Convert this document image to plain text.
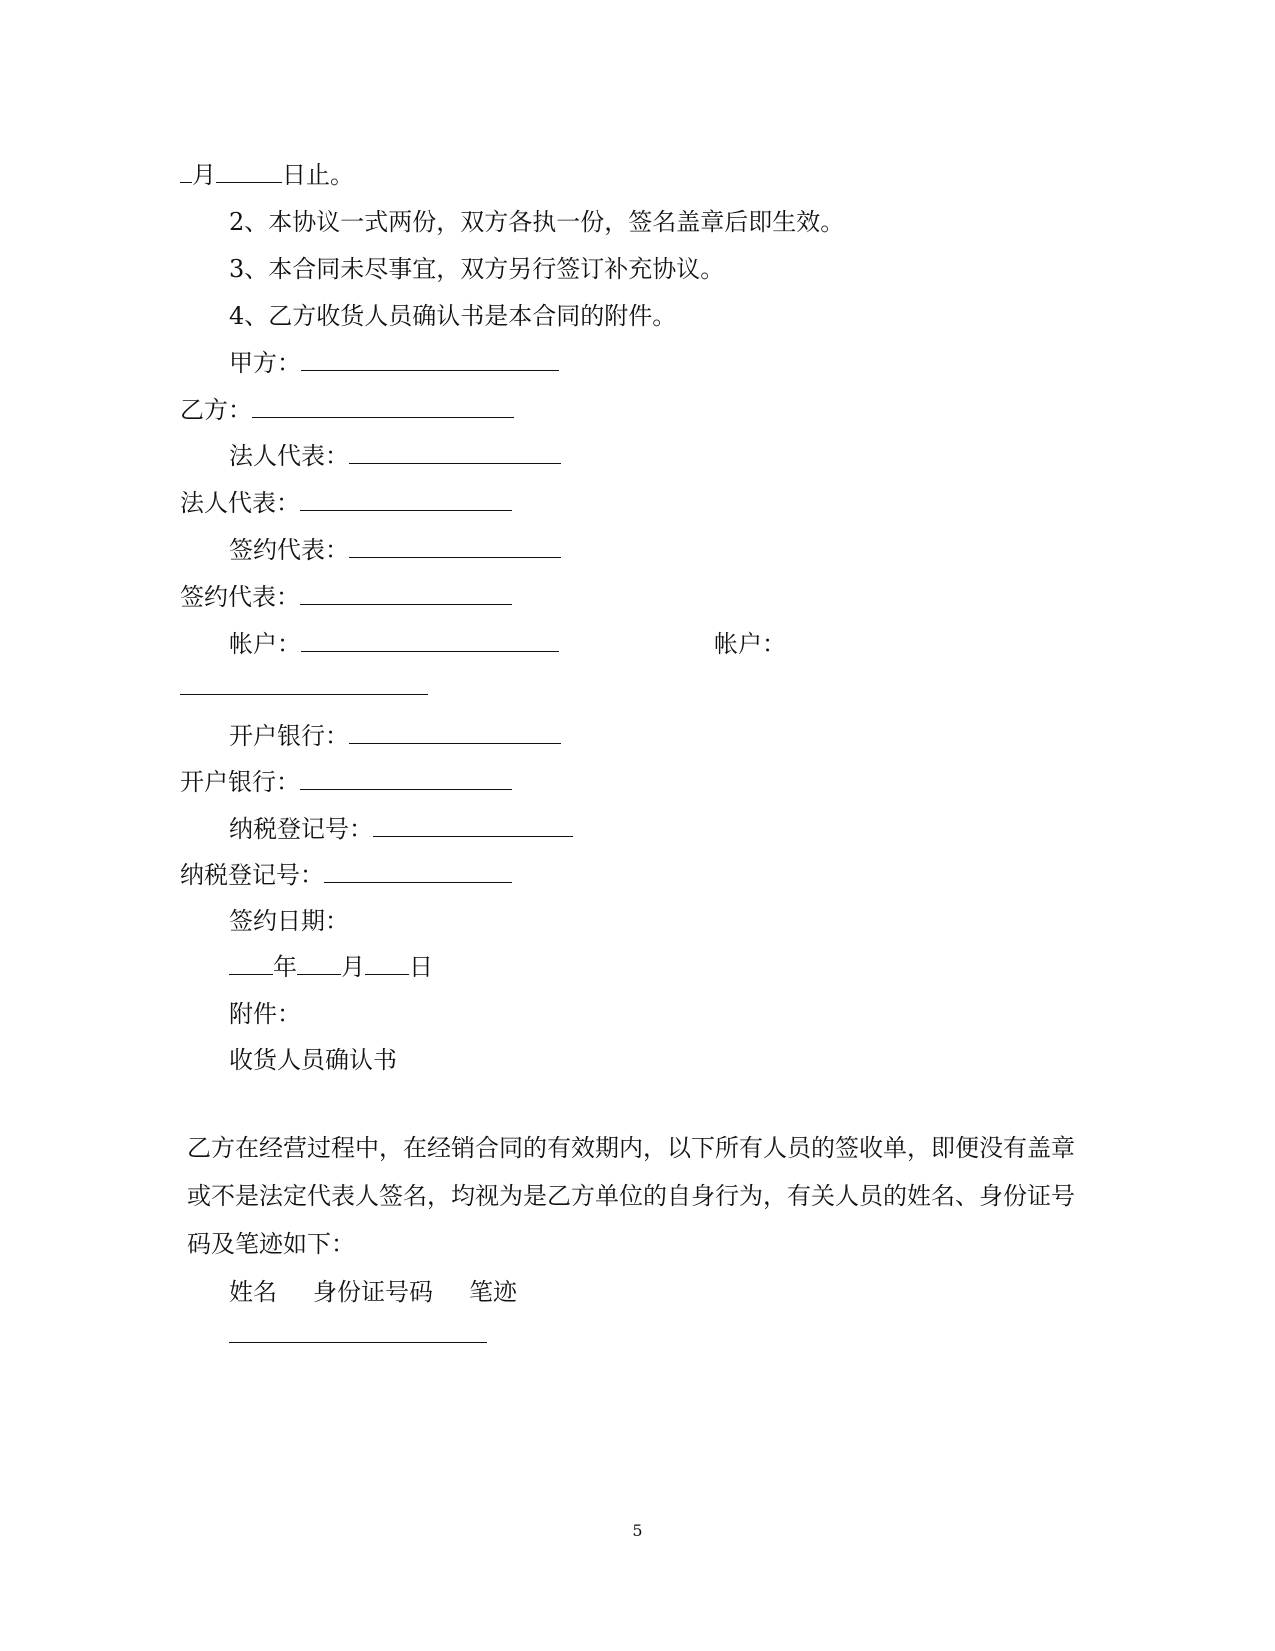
月	日止。
2、本协议一式两份，双方各执一份，签名盖章后即生效。
3、本合同未尽事宜，双方另行签订补充协议。
4、乙方收货人员确认书是本合同的附件。
甲方：
乙方：
法人代表：
法人代表：
签约代表：
签约代表：
帐户：	帐户：
开户银行：
开户银行：
纳税登记号：
纳税登记号：
签约日期：
年 月 日
附件：
收货人员确认书

乙方在经营过程中，在经销合同的有效期内，以下所有人员的签收单，即便没有盖章或不是法定代表人签名，均视为是乙方单位的自身行为，有关人员的姓名、身份证号码及笔迹如下：

姓名 身份证号码 笔迹
5
